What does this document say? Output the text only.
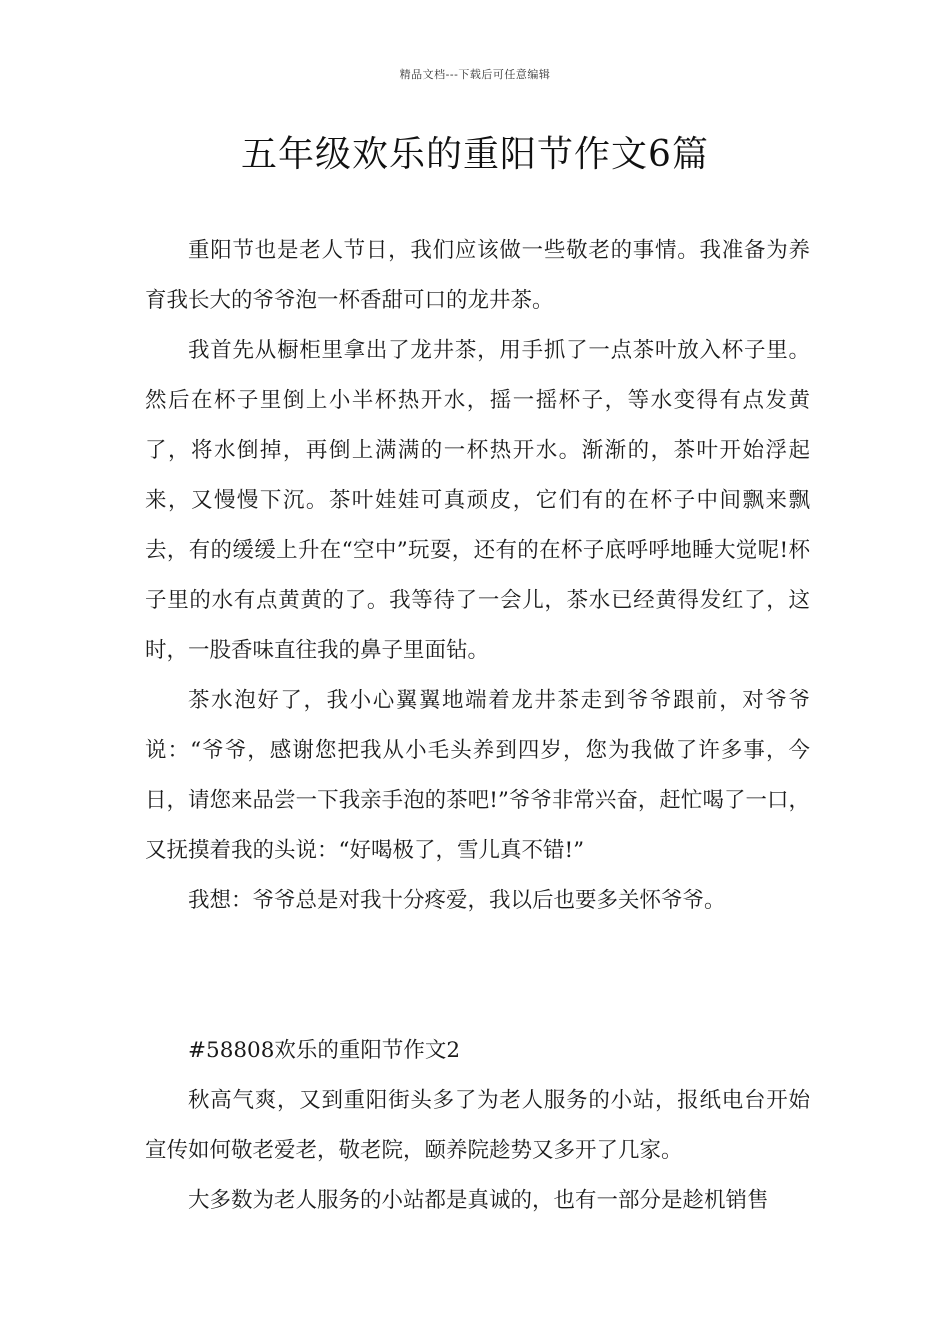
精品文档---下载后可任意编辑
五年级欢乐的重阳节作文6篇

重阳节也是老人节日，我们应该做一些敬老的事情。我准备为养育我长大的爷爷泡一杯香甜可口的龙井茶。

我首先从橱柜里拿出了龙井茶，用手抓了一点茶叶放入杯子里。然后在杯子里倒上小半杯热开水，摇一摇杯子，等水变得有点发黄了，将水倒掉，再倒上满满的一杯热开水。渐渐的，茶叶开始浮起来，又慢慢下沉。茶叶娃娃可真顽皮，它们有的在杯子中间飘来飘去，有的缓缓上升在“空中”玩耍，还有的在杯子底呼呼地睡大觉呢!杯子里的水有点黄黄的了。我等待了一会儿，茶水已经黄得发红了，这时，一股香味直往我的鼻子里面钻。

茶水泡好了，我小心翼翼地端着龙井茶走到爷爷跟前，对爷爷说：“爷爷，感谢您把我从小毛头养到四岁，您为我做了许多事，今日，请您来品尝一下我亲手泡的茶吧!”爷爷非常兴奋，赶忙喝了一口，又抚摸着我的头说：“好喝极了，雪儿真不错!”

我想：爷爷总是对我十分疼爱，我以后也要多关怀爷爷。

#58808欢乐的重阳节作文2

秋高气爽，又到重阳街头多了为老人服务的小站，报纸电台开始宣传如何敬老爱老，敬老院，颐养院趁势又多开了几家。

大多数为老人服务的小站都是真诚的，也有一部分是趁机销售
